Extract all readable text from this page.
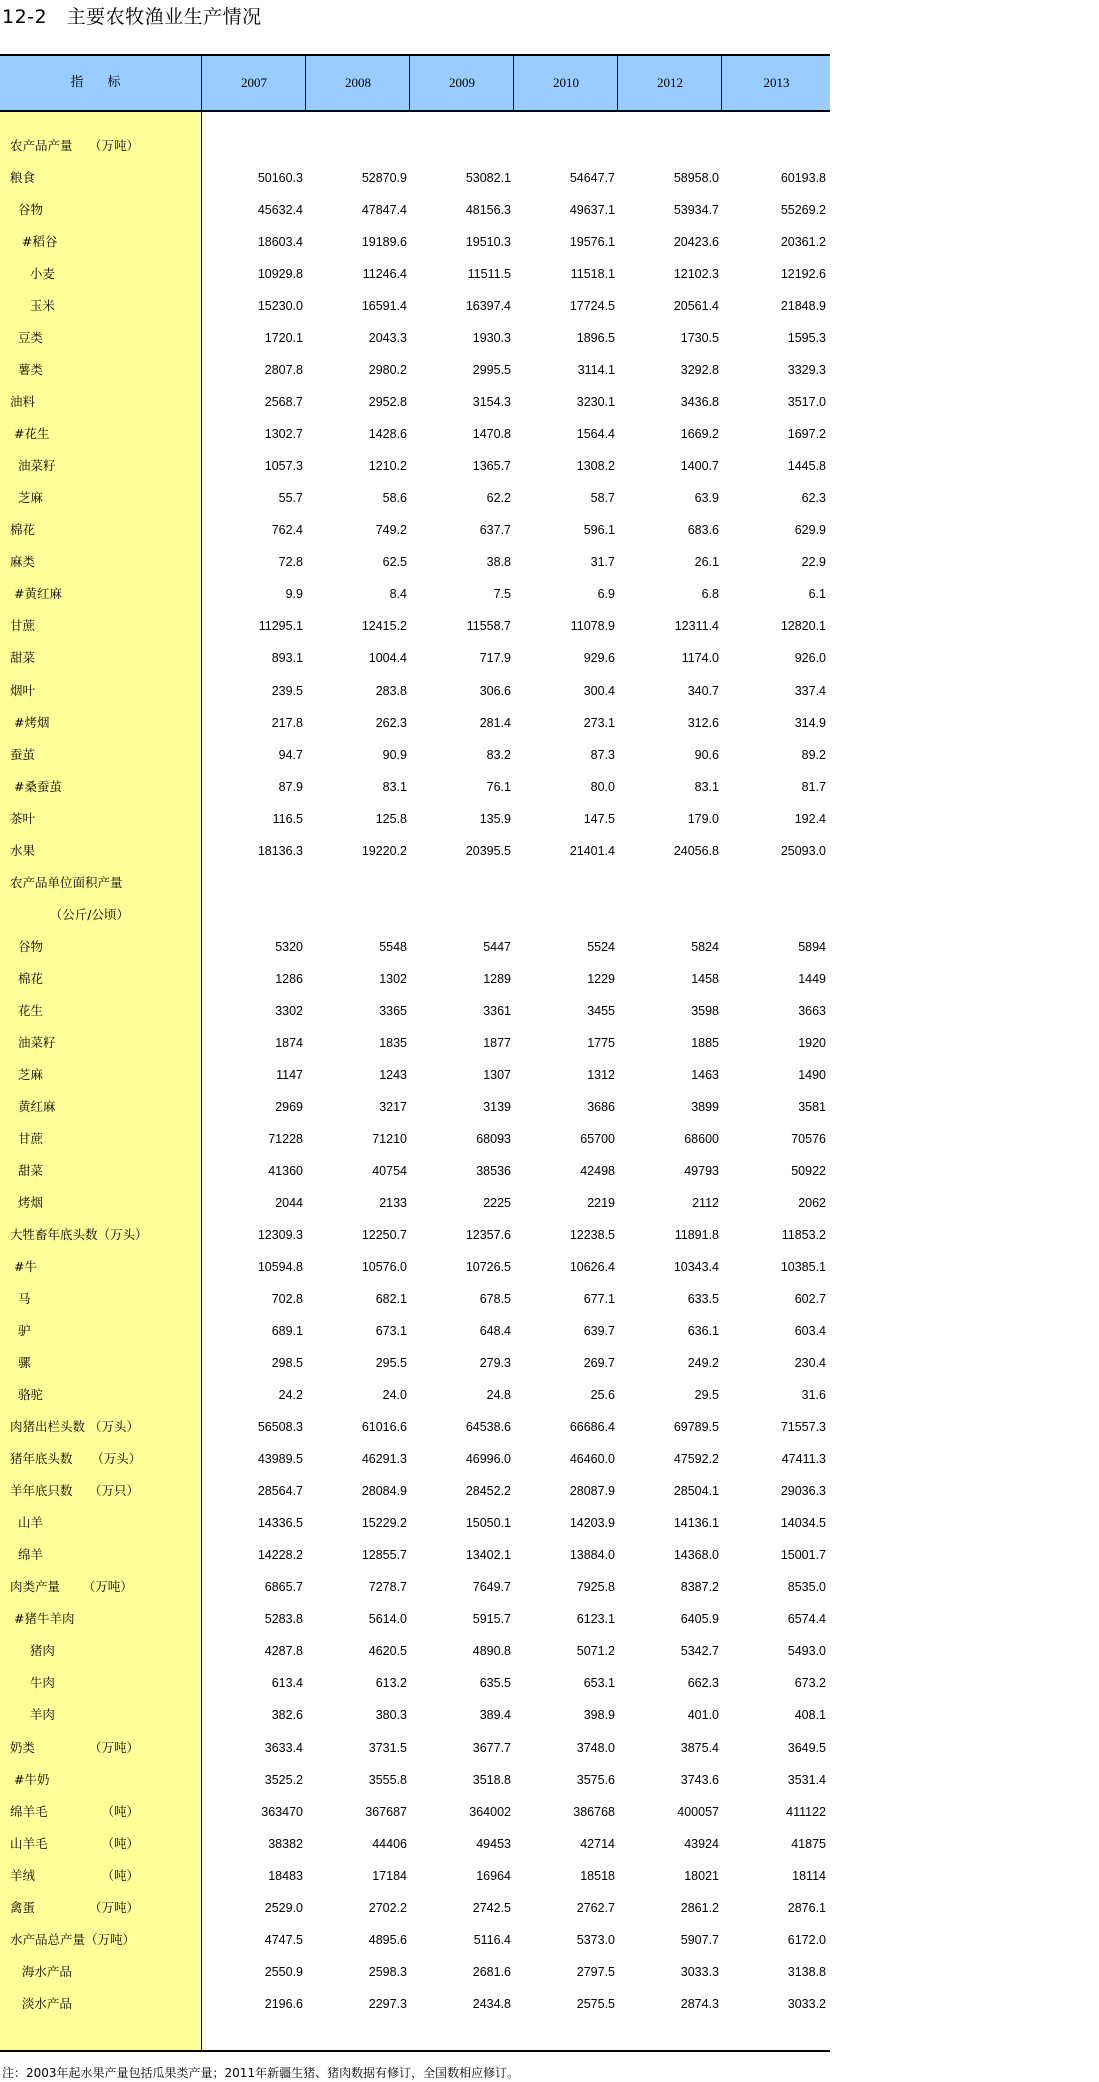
12-2　主要农牧渔业生产情况
指 标	2007	2008	2009	2010	2012	2013
农产品产量　 （万吨）
粮食	50160.3	52870.9	53082.1	54647.7	58958.0	60193.8
谷物	45632.4	47847.4	48156.3	49637.1	53934.7	55269.2
#稻谷	18603.4	19189.6	19510.3	19576.1	20423.6	20361.2
小麦	10929.8	11246.4	11511.5	11518.1	12102.3	12192.6
玉米	15230.0	16591.4	16397.4	17724.5	20561.4	21848.9
豆类	1720.1	2043.3	1930.3	1896.5	1730.5	1595.3
薯类	2807.8	2980.2	2995.5	3114.1	3292.8	3329.3
油料	2568.7	2952.8	3154.3	3230.1	3436.8	3517.0
#花生	1302.7	1428.6	1470.8	1564.4	1669.2	1697.2
油菜籽	1057.3	1210.2	1365.7	1308.2	1400.7	1445.8
芝麻	55.7	58.6	62.2	58.7	63.9	62.3
棉花	762.4	749.2	637.7	596.1	683.6	629.9
麻类	72.8	62.5	38.8	31.7	26.1	22.9
#黄红麻	9.9	8.4	7.5	6.9	6.8	6.1
甘蔗	11295.1	12415.2	11558.7	11078.9	12311.4	12820.1
甜菜	893.1	1004.4	717.9	929.6	1174.0	926.0
烟叶	239.5	283.8	306.6	300.4	340.7	337.4
#烤烟	217.8	262.3	281.4	273.1	312.6	314.9
蚕茧	94.7	90.9	83.2	87.3	90.6	89.2
#桑蚕茧	87.9	83.1	76.1	80.0	83.1	81.7
茶叶	116.5	125.8	135.9	147.5	179.0	192.4
水果	18136.3	19220.2	20395.5	21401.4	24056.8	25093.0
农产品单位面积产量
（公斤/公顷）
谷物	5320	5548	5447	5524	5824	5894
棉花	1286	1302	1289	1229	1458	1449
花生	3302	3365	3361	3455	3598	3663
油菜籽	1874	1835	1877	1775	1885	1920
芝麻	1147	1243	1307	1312	1463	1490
黄红麻	2969	3217	3139	3686	3899	3581
甘蔗	71228	71210	68093	65700	68600	70576
甜菜	41360	40754	38536	42498	49793	50922
烤烟	2044	2133	2225	2219	2112	2062
大牲畜年底头数（万头）	12309.3	12250.7	12357.6	12238.5	11891.8	11853.2
#牛	10594.8	10576.0	10726.5	10626.4	10343.4	10385.1
马	702.8	682.1	678.5	677.1	633.5	602.7
驴	689.1	673.1	648.4	639.7	636.1	603.4
骡	298.5	295.5	279.3	269.7	249.2	230.4
骆驼	24.2	24.0	24.8	25.6	29.5	31.6
肉猪出栏头数 （万头）	56508.3	61016.6	64538.6	66686.4	69789.5	71557.3
猪年底头数　　（万头）	43989.5	46291.3	46996.0	46460.0	47592.2	47411.3
羊年底只数　 （万只）	28564.7	28084.9	28452.2	28087.9	28504.1	29036.3
山羊	14336.5	15229.2	15050.1	14203.9	14136.1	14034.5
绵羊	14228.2	12855.7	13402.1	13884.0	14368.0	15001.7
肉类产量　 　（万吨）	6865.7	7278.7	7649.7	7925.8	8387.2	8535.0
#猪牛羊肉	5283.8	5614.0	5915.7	6123.1	6405.9	6574.4
猪肉	4287.8	4620.5	4890.8	5071.2	5342.7	5493.0
牛肉	613.4	613.2	635.5	653.1	662.3	673.2
羊肉	382.6	380.3	389.4	398.9	401.0	408.1
奶类　　　　 （万吨）	3633.4	3731.5	3677.7	3748.0	3875.4	3649.5
#牛奶	3525.2	3555.8	3518.8	3575.6	3743.6	3531.4
绵羊毛　　　　 （吨）	363470	367687	364002	386768	400057	411122
山羊毛　　　　 （吨）	38382	44406	49453	42714	43924	41875
羊绒　　　　　 （吨）	18483	17184	16964	18518	18021	18114
禽蛋　　　　 （万吨）	2529.0	2702.2	2742.5	2762.7	2861.2	2876.1
水产品总产量（万吨）	4747.5	4895.6	5116.4	5373.0	5907.7	6172.0
海水产品	2550.9	2598.3	2681.6	2797.5	3033.3	3138.8
淡水产品	2196.6	2297.3	2434.8	2575.5	2874.3	3033.2
注：2003年起水果产量包括瓜果类产量；2011年新疆生猪、猪肉数据有修订，全国数相应修订。
